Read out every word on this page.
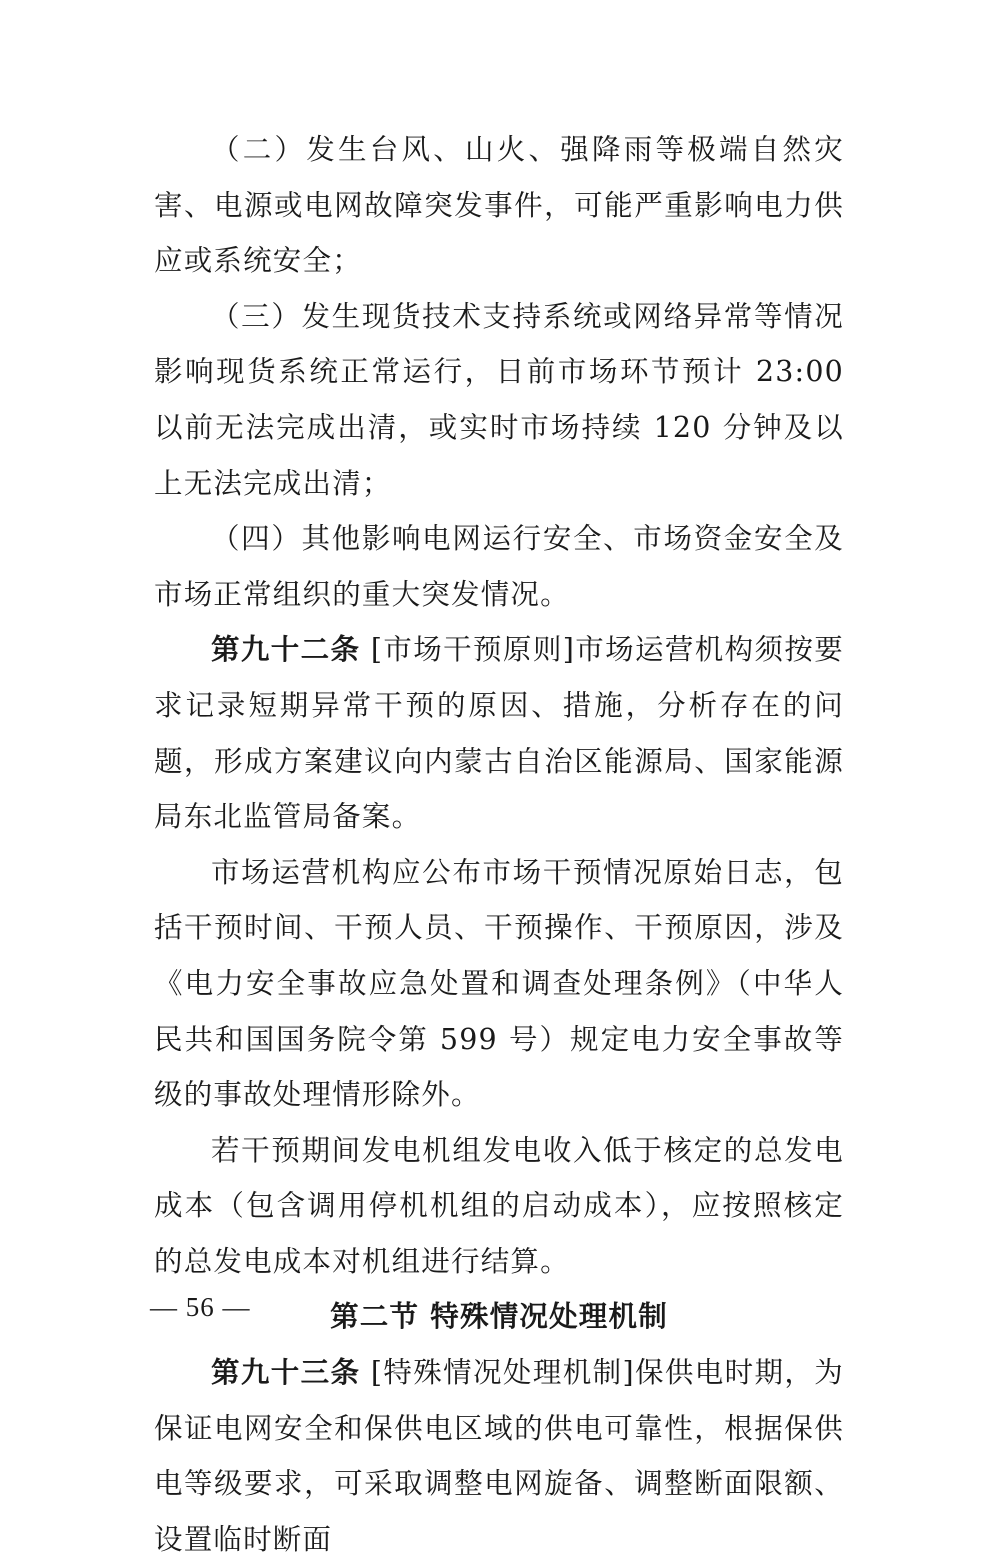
（二）发生台风、山火、强降雨等极端自然灾害、电源或电网故障突发事件，可能严重影响电力供应或系统安全；

（三）发生现货技术支持系统或网络异常等情况影响现货系统正常运行，日前市场环节预计 23:00 以前无法完成出清，或实时市场持续 120 分钟及以上无法完成出清；

（四）其他影响电网运行安全、市场资金安全及市场正常组织的重大突发情况。

第九十二条 [市场干预原则]市场运营机构须按要求记录短期异常干预的原因、措施，分析存在的问题，形成方案建议向内蒙古自治区能源局、国家能源局东北监管局备案。

市场运营机构应公布市场干预情况原始日志，包括干预时间、干预人员、干预操作、干预原因，涉及《电力安全事故应急处置和调查处理条例》（中华人民共和国国务院令第 599 号）规定电力安全事故等级的事故处理情形除外。

若干预期间发电机组发电收入低于核定的总发电成本（包含调用停机机组的启动成本），应按照核定的总发电成本对机组进行结算。

第二节 特殊情况处理机制

第九十三条 [特殊情况处理机制]保供电时期，为保证电网安全和保供电区域的供电可靠性，根据保供电等级要求，可采取调整电网旋备、调整断面限额、设置临时断面

— 56 —
